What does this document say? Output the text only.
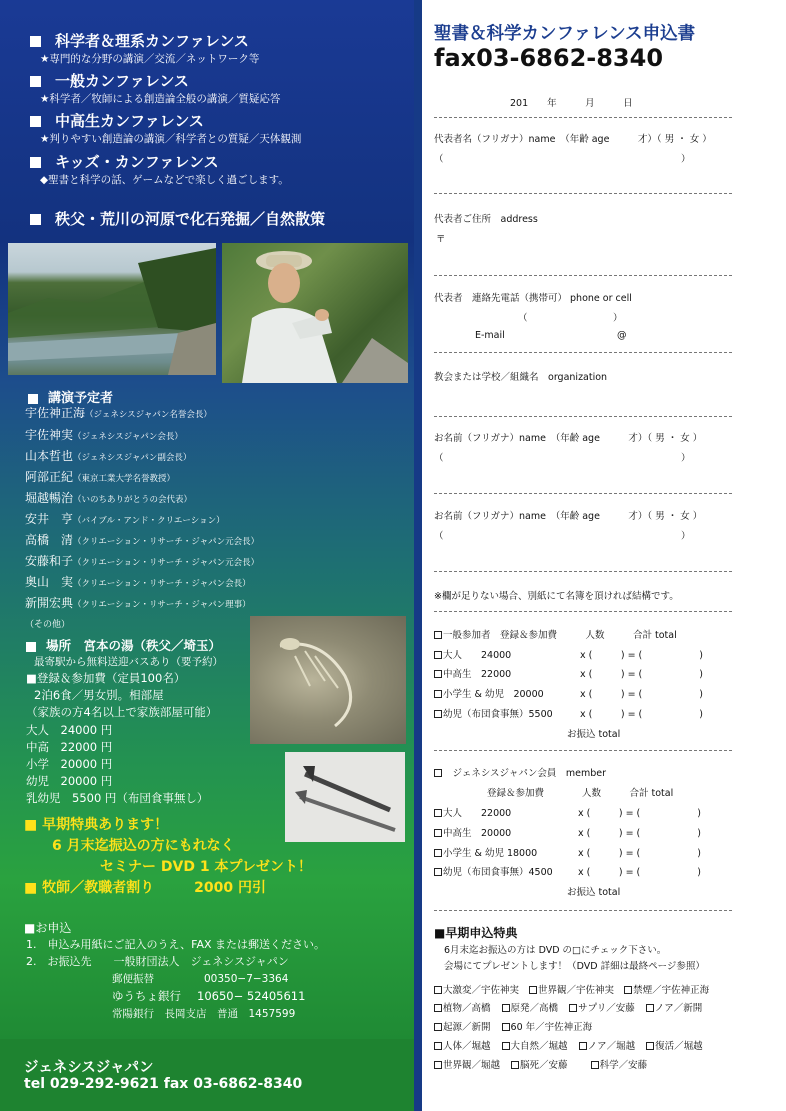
科学者＆理系カンファレンス
★専門的な分野の講演／交流／ネットワーク等
一般カンファレンス
★科学者／牧師による創造論全般の講演／質疑応答
中高生カンファレンス
★判りやすい創造論の講演／科学者との質疑／天体観測
キッズ・カンファレンス
◆聖書と科学の話、ゲームなどで楽しく過ごします。
秩父・荒川の河原で化石発掘／自然散策
講演予定者
宇佐神正海（ジェネシスジャパン名誉会長）
宇佐神実（ジェネシスジャパン会長）
山本哲也（ジェネシスジャパン副会長）
阿部正紀（東京工業大学名誉教授）
堀越暢治（いのちありがとうの会代表）
安井　亨（バイブル・アンド・クリエーション）
高橋　清（クリエーション・リサーチ・ジャパン元会長）
安藤和子（クリエーション・リサーチ・ジャパン元会長）
奥山　実（クリエーション・リサーチ・ジャパン会長）
新開宏典（クリエーション・リサーチ・ジャパン理事）
（その他）
場所　 宮本の湯（秩父／埼玉）
最寄駅から無料送迎バスあり（要予約）
■登録＆参加費（定員100名）
2泊6食／男女別。相部屋
（家族の方4名以上で家族部屋可能）
大人　24000 円
中高　22000 円
小学　20000 円
幼児　20000 円
乳幼児　5500 円（布団食事無し）
■ 早期特典あります！
6 月末迄振込の方にもれなく
セミナー DVD 1 本プレゼント！
■ 牧師／教職者割り	2000 円引
■お申込
1.　申込み用紙にご記入のうえ、FAX または郵送ください。
2.　お振込先　　一般財団法人　ジェネシスジャパン
郵便振替	00350−7−3364
ゆうちょ銀行 10650− 52405611
常陽銀行　長岡支店　普通　1457599
ジェネシスジャパン
tel 029-292-9621 fax 03-6862-8340
聖書＆科学カンファレンス申込書
fax03-6862-8340
201　　年　　　月　　　日
代表者名（フリガナ）name　（年齢 age　　　才）（ 男 ・ 女 ）
（　　　　　　　　　　　　　　　　　　　　　　　　　）
代表者ご住所　address
〒
代表者　連絡先電話（携帯可） phone or cell
（　　　　　　　　　）
E-mail	@
教会または学校／組織名　organization
お名前（フリガナ）name　（年齢 age　　　才）（ 男 ・ 女 ）
（　　　　　　　　　　　　　　　　　　　　　　　　　）
お名前（フリガナ）name　（年齢 age　　　才）（ 男 ・ 女 ）
（　　　　　　　　　　　　　　　　　　　　　　　　　）
※欄が足りない場合、別紙にて名簿を頂ければ結構です。
一般参加者　登録＆参加費　　　人数　　　合計 total
大人　　24000	x (　　　) = (　　　　　　)
中高生　22000	x (　　　) = (　　　　　　)
小学生 & 幼児　20000	x (　　　) = (　　　　　　)
幼児（布団食事無）5500	x (　　　) = (　　　　　　)
お振込 total
　ジェネシスジャパン会員　member
登録＆参加費　　　　人数　　　合計 total
大人　　22000	x (　　　) = (　　　　　　)
中高生　20000	x (　　　) = (　　　　　　)
小学生 & 幼児 18000	x (　　　) = (　　　　　　)
幼児（布団食事無）4500	x (　　　) = (　　　　　　)
お振込 total
■早期申込特典
6月末迄お振込の方は DVD の□にチェック下さい。
会場にてプレゼントします！（DVD 詳細は最終ページ参照）
大激変／宇佐神実 世界観／宇佐神実 禁煙／宇佐神正海
植物／高橋 原発／高橋 サプリ／安藤 ノア／新開
起源／新開 60 年／宇佐神正海
人体／堀越 大自然／堀越 ノア／堀越 復活／堀越
世界観／堀越 脳死／安藤	科学／安藤
